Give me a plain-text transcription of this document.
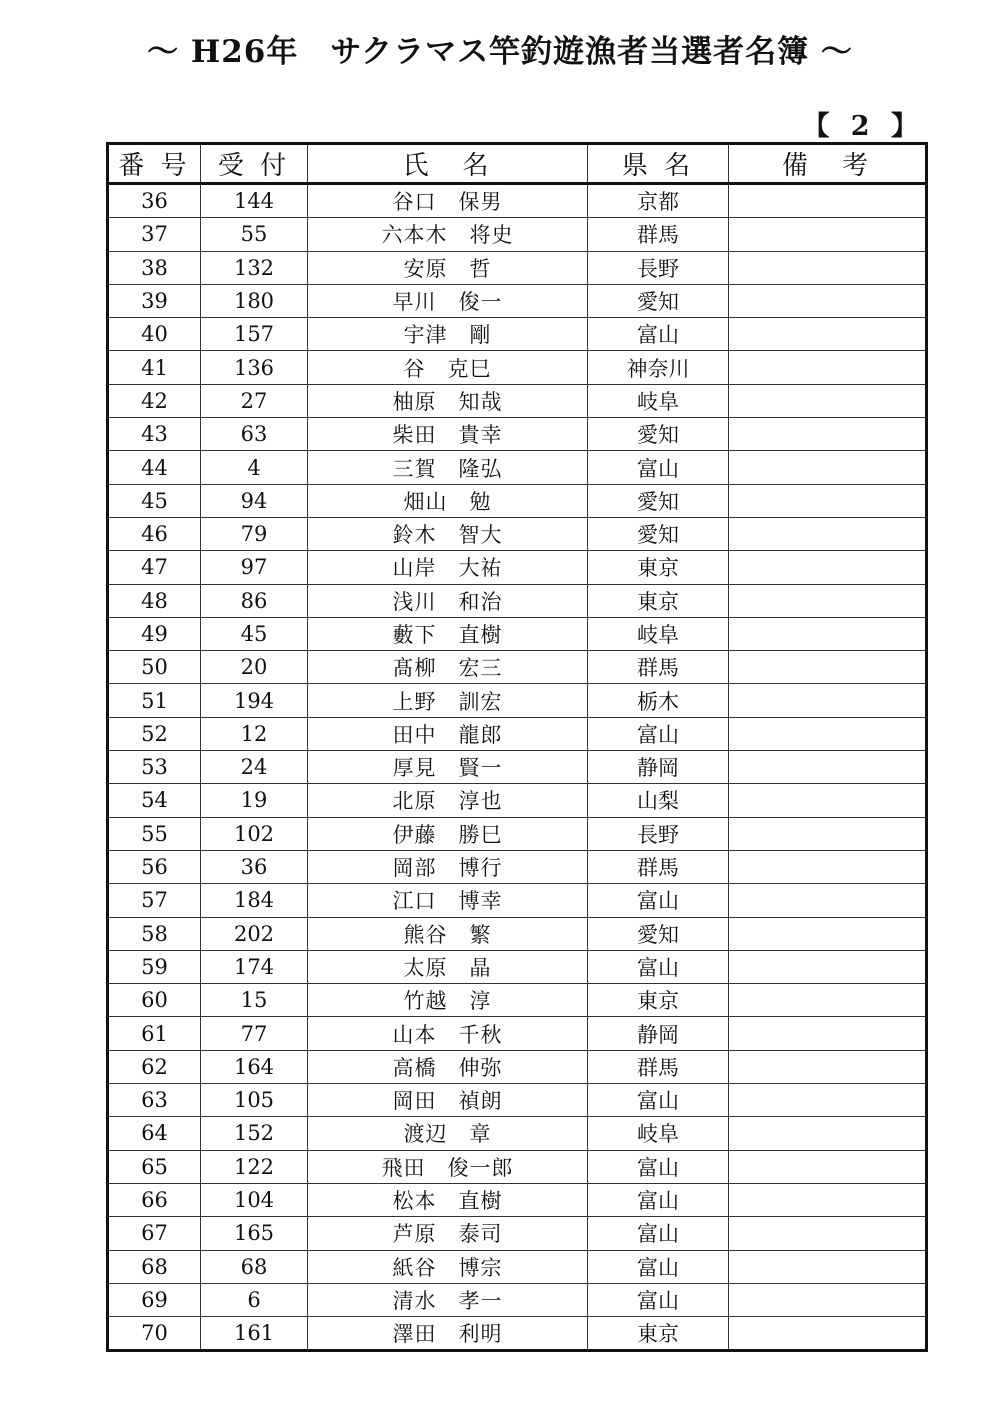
～ H26年　サクラマス竿釣遊漁者当選者名簿 ～
【 2 】
番 号	受 付	氏　名	県 名	備　考
36	144	谷口　保男	京都	
37	55	六本木　将史	群馬	
38	132	安原　哲	長野	
39	180	早川　俊一	愛知	
40	157	宇津　剛	富山	
41	136	谷　克巳	神奈川	
42	27	柚原　知哉	岐阜	
43	63	柴田　貴幸	愛知	
44	4	三賀　隆弘	富山	
45	94	畑山　勉	愛知	
46	79	鈴木　智大	愛知	
47	97	山岸　大祐	東京	
48	86	浅川　和治	東京	
49	45	藪下　直樹	岐阜	
50	20	髙柳　宏三	群馬	
51	194	上野　訓宏	栃木	
52	12	田中　龍郎	富山	
53	24	厚見　賢一	静岡	
54	19	北原　淳也	山梨	
55	102	伊藤　勝巳	長野	
56	36	岡部　博行	群馬	
57	184	江口　博幸	富山	
58	202	熊谷　繁	愛知	
59	174	太原　晶	富山	
60	15	竹越　淳	東京	
61	77	山本　千秋	静岡	
62	164	高橋　伸弥	群馬	
63	105	岡田　禎朗	富山	
64	152	渡辺　章	岐阜	
65	122	飛田　俊一郎	富山	
66	104	松本　直樹	富山	
67	165	芦原　泰司	富山	
68	68	紙谷　博宗	富山	
69	6	清水　孝一	富山	
70	161	澤田　利明	東京	
